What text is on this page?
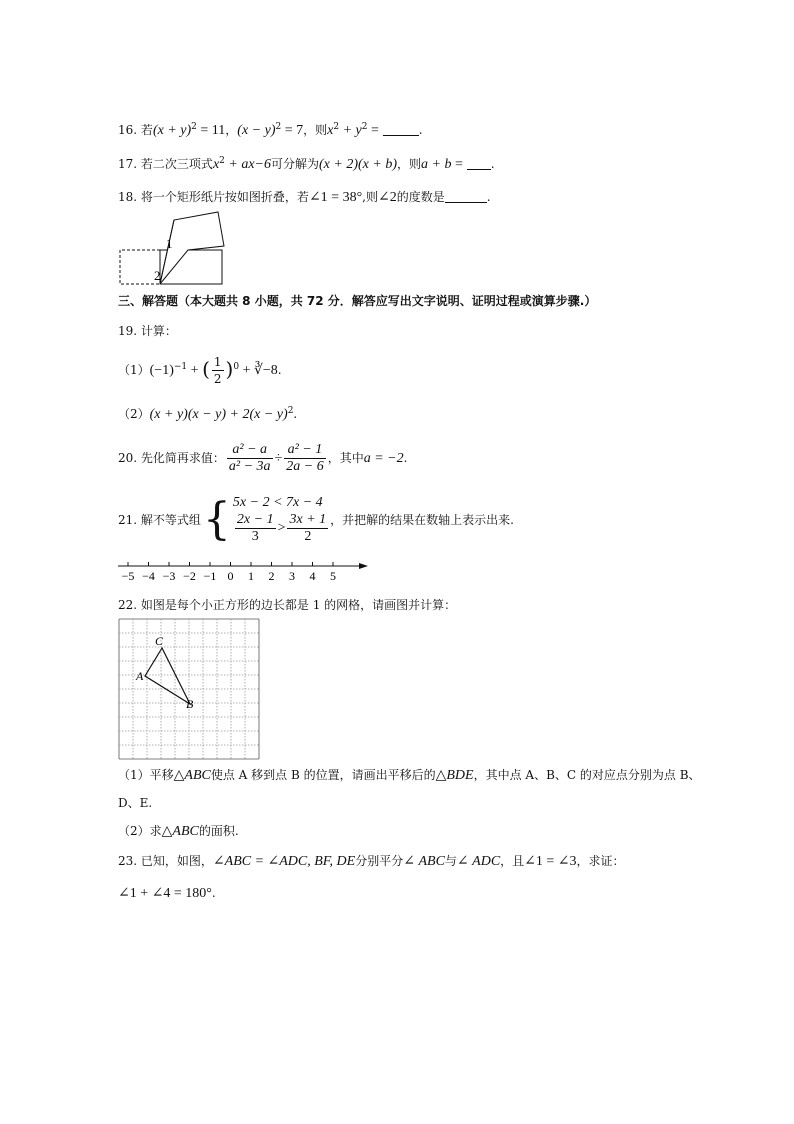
16. 若$(x + y)^2 = 11$，$(x - y)^2 = 7$，则$x^2 + y^2$ =	.
17. 若二次三项式$x^2 + ax-6$可分解为(x + 2)(x + b)，则a + b = .
18. 将一个矩形纸片按如图折叠，若∠1 = 38°,则∠2的度数是	.
1
2
三、解答题（本大题共 8 小题，共 72 分．解答应写出文字说明、证明过程或演算步骤.）
19. 计算：
$(1)(-1)^{-1}$ + ( $\frac{1}{2} )^0$ + ∛−8.
$(2)(x + y)(x - y) + 2(x - y)^2$.
20. 先化简再求值： $\frac{\text{a² − a}}{\text{a² − 3a}} \div \frac{\text{a² − 1}}{2a - 6}$ ，其中a = −2.
21. 解不等式组 { 5x − 2 < 7x − 4
$\frac{2x - 1}{3} > \frac{3x + 1}{2}$ ，并把解的结果在数轴上表示出来.
−5 −4 −3 −2 −1 0 1 2 3 4 5
22. 如图是每个小正方形的边长都是 1 的网格，请画图并计算：
C
A
B
（1）平移△ABC使点 A 移到点 B 的位置，请画出平移后的△BDE，其中点 A、B、C 的对应点分别为点 B、
D、E.
（2）求△ABC的面积.
23. 已知，如图，∠ABC = ∠ADC, BF, DE分别平分∠ ABC与∠ ADC，且∠1 = ∠3，求证：
∠1 + ∠4 = 180°.
